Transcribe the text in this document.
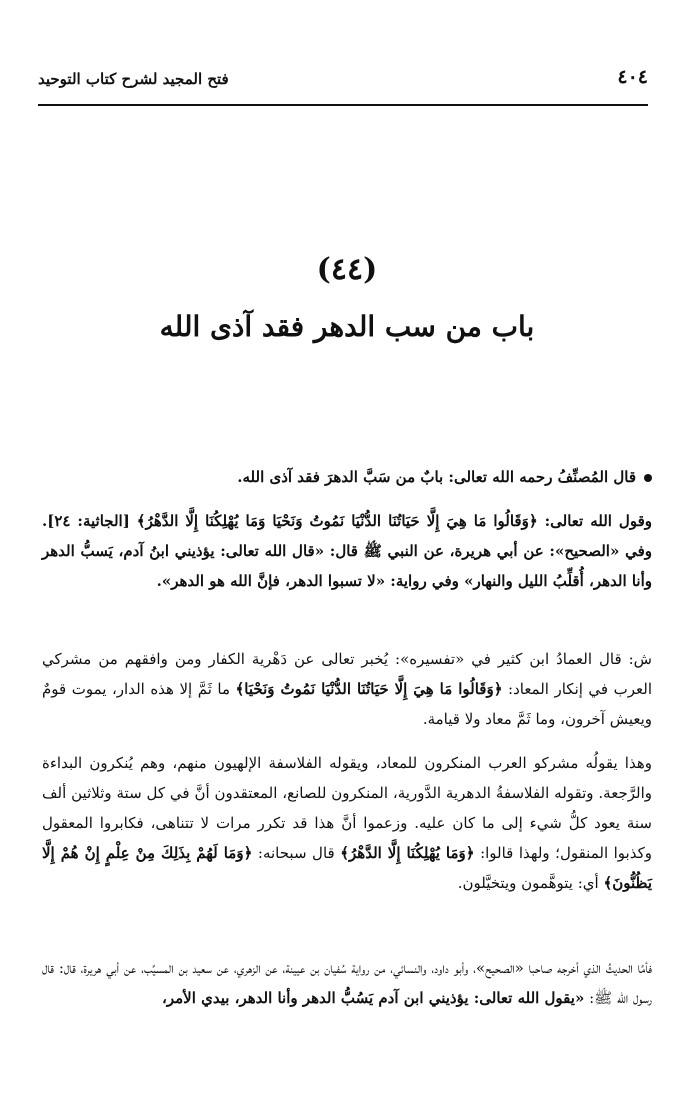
٤٠٤
فتح المجيد لشرح كتاب التوحيد
(٤٤)
باب من سب الدهر فقد آذى الله
قال المُصنِّفُ رحمه الله تعالى: بابٌ من سَبَّ الدهرَ فقد آذى الله.
وقول الله تعالى: ﴿وَقَالُوا مَا هِيَ إِلَّا حَيَاتُنَا الدُّنْيَا نَمُوتُ وَنَحْيَا وَمَا يُهْلِكُنَا إِلَّا الدَّهْرُ﴾ [الجاثية: ٢٤]. وفي «الصحيح»: عن أبي هريرة، عن النبي ﷺ قال: «قال الله تعالى: يؤذيني ابنُ آدم، يَسبُّ الدهر وأنا الدهر، أُقلِّبُ الليل والنهار» وفي رواية: «لا تسبوا الدهر، فإنَّ الله هو الدهر».
ش: قال العمادُ ابن كثير في «تفسيره»: يُخبر تعالى عن دَهْرية الكفار ومن وافقهم من مشركي العرب في إنكار المعاد: ﴿وَقَالُوا مَا هِيَ إِلَّا حَيَاتُنَا الدُّنْيَا نَمُوتُ وَنَحْيَا﴾ ما ثَمَّ إلا هذه الدار، يموت قومٌ ويعيش آخرون، وما ثَمَّ معاد ولا قيامة.
وهذا يقولُه مشركو العرب المنكرون للمعاد، ويقوله الفلاسفة الإلهيون منهم، وهم يُنكرون البداءة والرَّجعة. وتقوله الفلاسفةُ الدهرية الدَّورية، المنكرون للصانع، المعتقدون أنَّ في كل ستة وثلاثين ألف سنة يعود كلُّ شيء إلى ما كان عليه. وزعموا أنَّ هذا قد تكرر مرات لا تتناهى، فكابروا المعقول وكذبوا المنقول؛ ولهذا قالوا: ﴿وَمَا يُهْلِكُنَا إِلَّا الدَّهْرُ﴾ قال سبحانه: ﴿وَمَا لَهُمْ بِذَلِكَ مِنْ عِلْمٍ إِنْ هُمْ إِلَّا يَظُنُّونَ﴾ أي: يتوهَّمون ويتخيَّلون.
فأمَّا الحديثُ الذي أخرجه صاحبا «الصحيح»، وأبو داود، والنسائي، من رواية سُفيان بن عيينة، عن الزهري، عن سعيد بن المسيِّب، عن أبي هريرة، قال: قال رسول الله ﷺ: «يقول الله تعالى: يؤذيني ابن آدم يَسُبُّ الدهر وأنا الدهر، بيدي الأمر،
